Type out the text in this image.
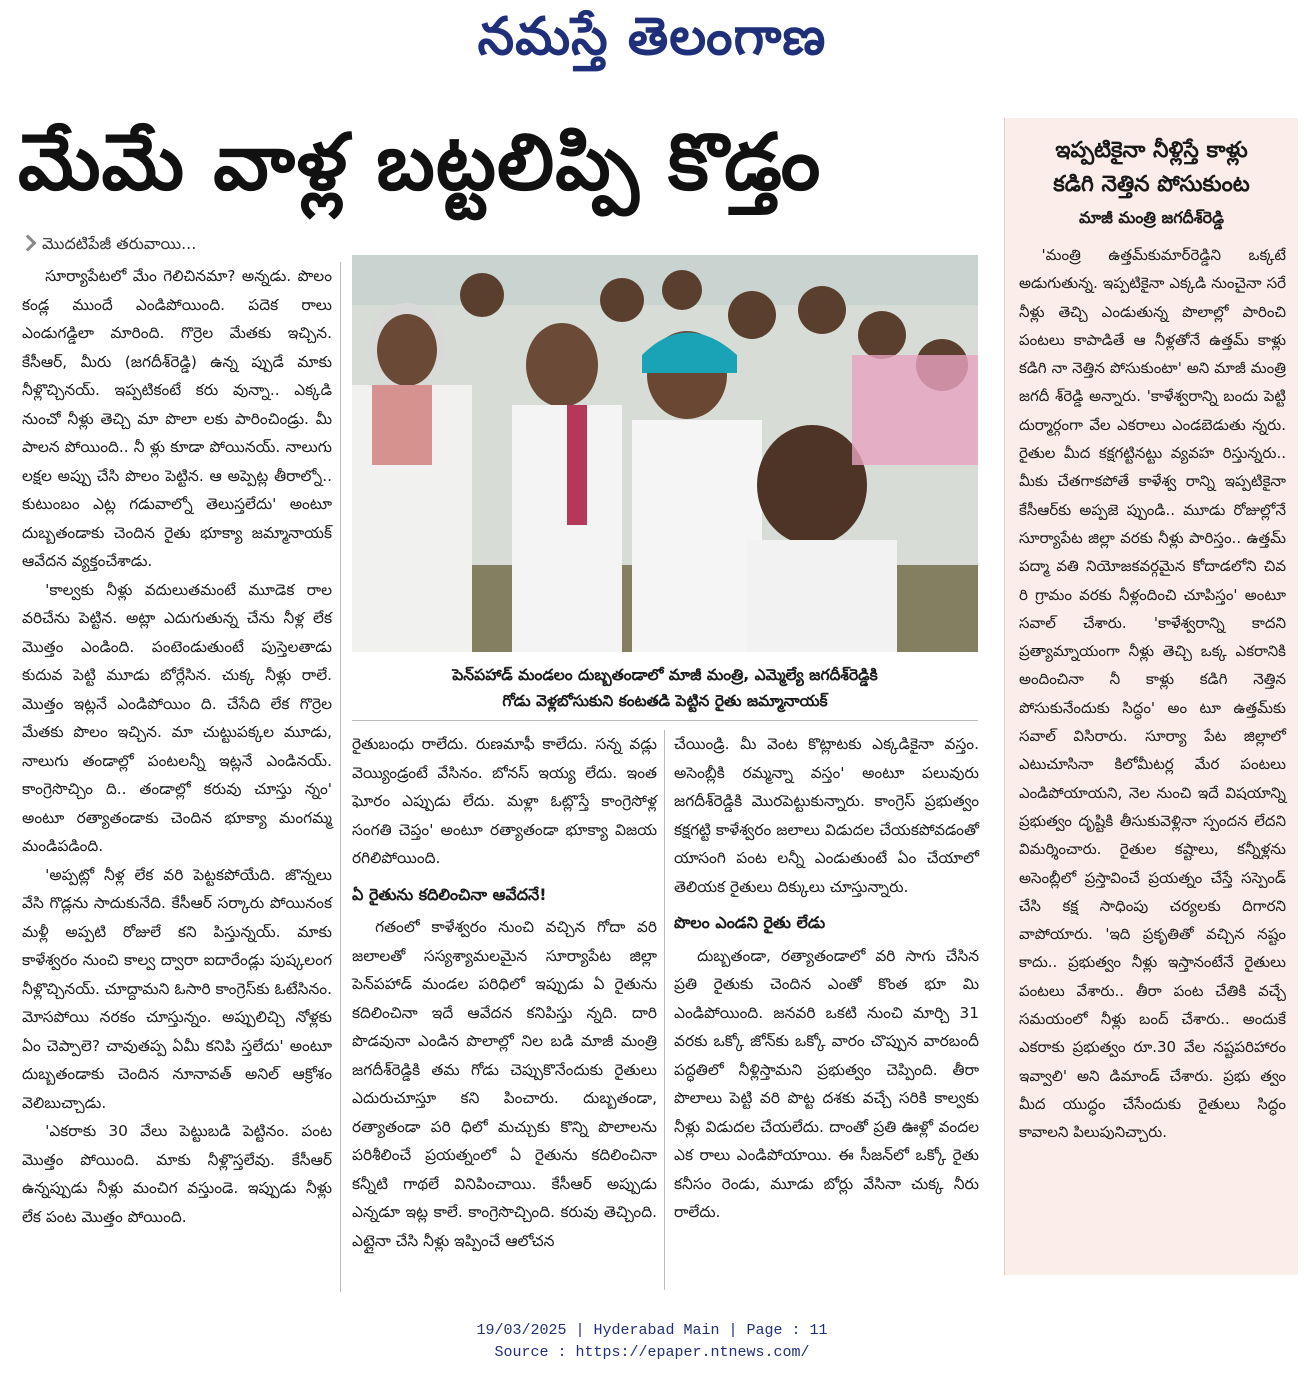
నమస్తే తెలంగాణ
మేమే వాళ్ల బట్టలిప్పి కొడ్తం
మొదటిపేజీ తరువాయి...

సూర్యాపేటలో మేం గెలిచినమా? అన్నడు. పొలం కండ్ల ముందే ఎండిపోయింది. పదెక రాలు ఎండుగడ్డిలా మారింది. గొర్రెల మేతకు ఇచ్చిన. కేసీఆర్, మీరు (జగదీశ్‌రెడ్డి) ఉన్న ప్పుడే మాకు నీళ్లొచ్చినయ్. ఇప్పటికంటే కరు వున్నా.. ఎక్కడి నుంచో నీళ్లు తెచ్చి మా పొలా లకు పారించిండ్రు. మీ పాలన పోయింది.. నీ ళ్లు కూడా పోయినయ్. నాలుగు లక్షల అప్పు చేసి పొలం పెట్టిన. ఆ అప్పెట్ల తీరాల్నో.. కుటుంబం ఎట్ల గడువాల్నో తెలుస్తలేదు' అంటూ దుబ్బతండాకు చెందిన రైతు భూక్యా జమ్మానాయక్ ఆవేదన వ్యక్తంచేశాడు.

'కాల్వకు నీళ్లు వదులుతమంటే మూడెక రాల వరిచేను పెట్టిన. అట్లా ఎదుగుతున్న చేను నీళ్ల లేక మొత్తం ఎండింది. పంటెండుతుంటే పుస్తెలతాడు కుదువ పెట్టి మూడు బోర్లేసిన. చుక్క నీళ్లు రాలే. మొత్తం ఇట్లనే ఎండిపోయిం ది. చేసేది లేక గొర్రెల మేతకు పొలం ఇచ్చిన. మా చుట్టుపక్కల మూడు, నాలుగు తండాల్లో పంటలన్నీ ఇట్లనే ఎండినయ్. కాంగ్రెసొచ్చిం ది.. తండాల్లో కరువు చూస్తు న్నం' అంటూ రత్యాతండాకు చెందిన భూక్యా మంగమ్మ మండిపడింది.

'అప్పట్లో నీళ్ల లేక వరి పెట్టకపోయేది. జొన్నలు వేసి గొడ్లను సాదుకునేది. కేసీఆర్ సర్కారు పోయినంక మళ్లీ అప్పటి రోజులే కని పిస్తున్నయ్. మాకు కాళేశ్వరం నుంచి కాల్వ ద్వారా ఐదారేండ్లు పుష్కలంగ నీళ్లొచ్చినయ్. చూద్దామని ఓసారి కాంగ్రెస్‌కు ఓటేసినం. మోసపోయి నరకం చూస్తున్నం. అప్పులిచ్చి నోళ్లకు ఏం చెప్పాలె? చావుతప్ప ఏమీ కనిపి స్తలేదు' అంటూ దుబ్బతండాకు చెందిన నూనావత్ అనిల్ ఆక్రోశం వెలిబుచ్చాడు.

'ఎకరాకు 30 వేలు పెట్టుబడి పెట్టినం. పంట మొత్తం పోయింది. మాకు నీళ్లొస్తలేవు. కేసీఆర్ ఉన్నప్పుడు నీళ్లు మంచిగ వస్తుండె. ఇప్పుడు నీళ్లు లేక పంట మొత్తం పోయింది.

పెన్‌పహాడ్ మండలం దుబ్బతండాలో మాజీ మంత్రి, ఎమ్మెల్యే జగదీశ్‌రెడ్డికి
గోడు వెళ్లబోసుకుని కంటతడి పెట్టిన రైతు జమ్మానాయక్

రైతుబంధు రాలేదు. రుణమాఫీ కాలేదు. సన్న వడ్లు వెయ్యిండ్రంటే వేసినం. బోనస్ ఇయ్య లేదు. ఇంత ఘోరం ఎప్పుడు లేదు. మళ్లా ఓట్లొస్తే కాంగ్రెసోళ్ల సంగతి చెప్తం' అంటూ రత్యాతండా భూక్యా విజయ రగిలిపోయింది.

ఏ రైతును కదిలించినా ఆవేదనే!

గతంలో కాళేశ్వరం నుంచి వచ్చిన గోదా వరి జలాలతో సస్యశ్యామలమైన సూర్యాపేట జిల్లా పెన్‌పహాడ్ మండల పరిధిలో ఇప్పుడు ఏ రైతును కదిలించినా ఇదే ఆవేదన కనిపిస్తు న్నది. దారి పొడవునా ఎండిన పొలాల్లో నిల బడి మాజీ మంత్రి జగదీశ్‌రెడ్డికి తమ గోడు చెప్పుకొనేందుకు రైతులు ఎదురుచూస్తూ కని పించారు. దుబ్బతండా, రత్యాతండా పరి ధిలో మచ్చుకు కొన్ని పొలాలను పరిశీలించే ప్రయత్నంలో ఏ రైతును కదిలించినా కన్నీటి గాథలే వినిపించాయి. కేసీఆర్ అప్పుడు ఎన్నడూ ఇట్ల కాలే. కాంగ్రెసొచ్చింది. కరువు తెచ్చింది. ఎట్లైనా చేసి నీళ్లు ఇప్పించే ఆలోచన

చేయిండ్రి. మీ వెంట కొట్లాటకు ఎక్కడికైనా వస్తం. అసెంబ్లీకి రమ్మన్నా వస్తం' అంటూ పలువురు జగదీశ్‌రెడ్డికి మొరపెట్టుకున్నారు. కాంగ్రెస్ ప్రభుత్వం కక్షగట్టి కాళేశ్వరం జలాలు విడుదల చేయకపోవడంతో యాసంగి పంట లన్నీ ఎండుతుంటే ఏం చేయాలో తెలియక రైతులు దిక్కులు చూస్తున్నారు.

పొలం ఎండని రైతు లేడు

దుబ్బతండా, రత్యాతండాలో వరి సాగు చేసిన ప్రతి రైతుకు చెందిన ఎంతో కొంత భూ మి ఎండిపోయింది. జనవరి ఒకటి నుంచి మార్చి 31 వరకు ఒక్కో జోన్‌కు ఒక్కో వారం చొప్పున వారబందీ పద్ధతిలో నీళ్లిస్తామని ప్రభుత్వం చెప్పింది. తీరా పొలాలు పెట్టి వరి పొట్ట దశకు వచ్చే సరికి కాల్వకు నీళ్లు విడుదల చేయలేదు. దాంతో ప్రతి ఊళ్లో వందల ఎక రాలు ఎండిపోయాయి. ఈ సీజన్‌లో ఒక్కో రైతు కనీసం రెండు, మూడు బోర్లు వేసినా చుక్క నీరు రాలేదు.

ఇప్పటికైనా నీళ్లిస్తే కాళ్లు
కడిగి నెత్తిన పోసుకుంట
మాజీ మంత్రి జగదీశ్‌రెడ్డి

'మంత్రి ఉత్తమ్‌కుమార్‌రెడ్డిని ఒక్కటే అడుగుతున్న. ఇప్పటికైనా ఎక్కడి నుంచైనా సరే నీళ్లు తెచ్చి ఎండుతున్న పొలాల్లో పారించి పంటలు కాపాడితే ఆ నీళ్లతోనే ఉత్తమ్ కాళ్లు కడిగి నా నెత్తిన పోసుకుంటా' అని మాజీ మంత్రి జగదీ శ్‌రెడ్డి అన్నారు. 'కాళేశ్వరాన్ని బందు పెట్టి దుర్మార్గంగా వేల ఎకరాలు ఎండబెడుతు న్నరు. రైతుల మీద కక్షగట్టినట్టు వ్యవహ రిస్తున్నరు.. మీకు చేతగాకపోతే కాళేశ్వ రాన్ని ఇప్పటికైనా కేసీఆర్‌కు అప్పజె ప్పుండి.. మూడు రోజుల్లోనే సూర్యాపేట జిల్లా వరకు నీళ్లు పారిస్తం.. ఉత్తమ్ పద్మా వతి నియోజకవర్గమైన కోదాడలోని చివ రి గ్రామం వరకు నీళ్లందించి చూపిస్తం' అంటూ సవాల్ చేశారు. 'కాళేశ్వరాన్ని కాదని ప్రత్యామ్నాయంగా నీళ్లు తెచ్చి ఒక్క ఎకరానికి అందించినా నీ కాళ్లు కడిగి నెత్తిన పోసుకునేందుకు సిద్ధం' అం టూ ఉత్తమ్‌కు సవాల్ విసిరారు. సూర్యా పేట జిల్లాలో ఎటుచూసినా కిలోమీటర్ల మేర పంటలు ఎండిపోయాయని, నెల నుంచి ఇదే విషయాన్ని ప్రభుత్వం దృష్టికి తీసుకువెళ్లినా స్పందన లేదని విమర్శించారు. రైతుల కష్టాలు, కన్నీళ్లను అసెంబ్లీలో ప్రస్తావించే ప్రయత్నం చేస్తే సస్పెండ్ చేసి కక్ష సాధింపు చర్యలకు దిగారని వాపోయారు. 'ఇది ప్రకృతితో వచ్చిన నష్టం కాదు.. ప్రభుత్వం నీళ్లు ఇస్తానంటేనే రైతులు పంటలు వేశారు.. తీరా పంట చేతికి వచ్చే సమయంలో నీళ్లు బంద్ చేశారు.. అందుకే ఎకరాకు ప్రభుత్వం రూ.30 వేల నష్టపరిహారం ఇవ్వాలి' అని డిమాండ్ చేశారు. ప్రభు త్వం మీద యుద్ధం చేసేందుకు రైతులు సిద్ధం కావాలని పిలుపునిచ్చారు.

19/03/2025 | Hyderabad Main | Page : 11
Source : https://epaper.ntnews.com/
